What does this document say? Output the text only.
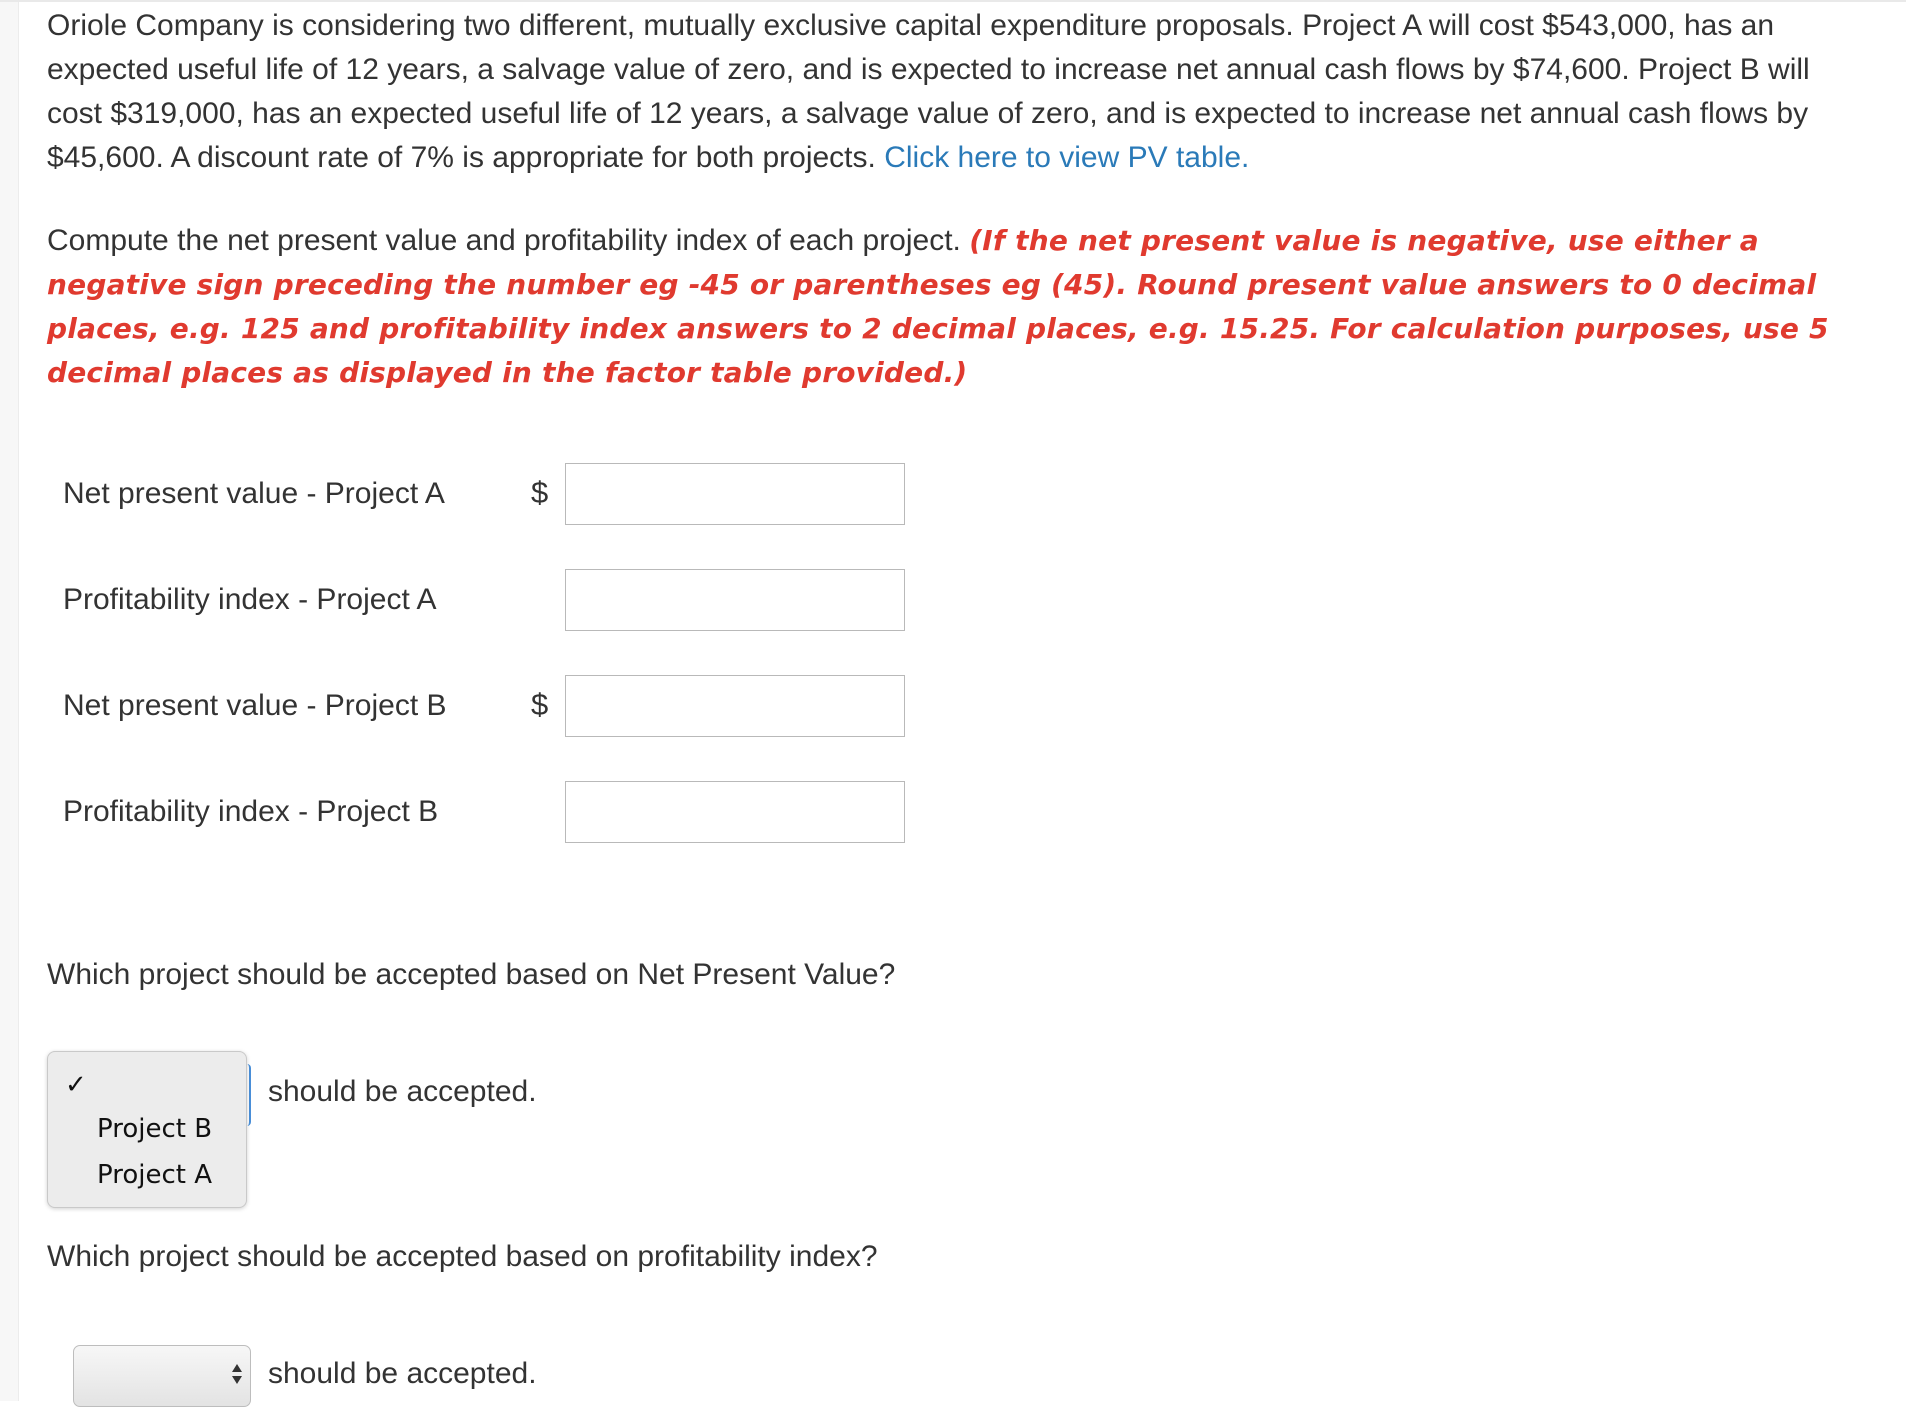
Oriole Company is considering two different, mutually exclusive capital expenditure proposals. Project A will cost $543,000, has an expected useful life of 12 years, a salvage value of zero, and is expected to increase net annual cash flows by $74,600. Project B will cost $319,000, has an expected useful life of 12 years, a salvage value of zero, and is expected to increase net annual cash flows by $45,600. A discount rate of 7% is appropriate for both projects. Click here to view PV table.

Compute the net present value and profitability index of each project. (If the net present value is negative, use either a negative sign preceding the number eg -45 or parentheses eg (45). Round present value answers to 0 decimal places, e.g. 125 and profitability index answers to 2 decimal places, e.g. 15.25. For calculation purposes, use 5 decimal places as displayed in the factor table provided.)

Net present value - Project A	$
Profitability index - Project A
Net present value - Project B	$
Profitability index - Project B
Which project should be accepted based on Net Present Value?
✓
Project B
Project A
should be accepted.
Which project should be accepted based on profitability index?
should be accepted.
